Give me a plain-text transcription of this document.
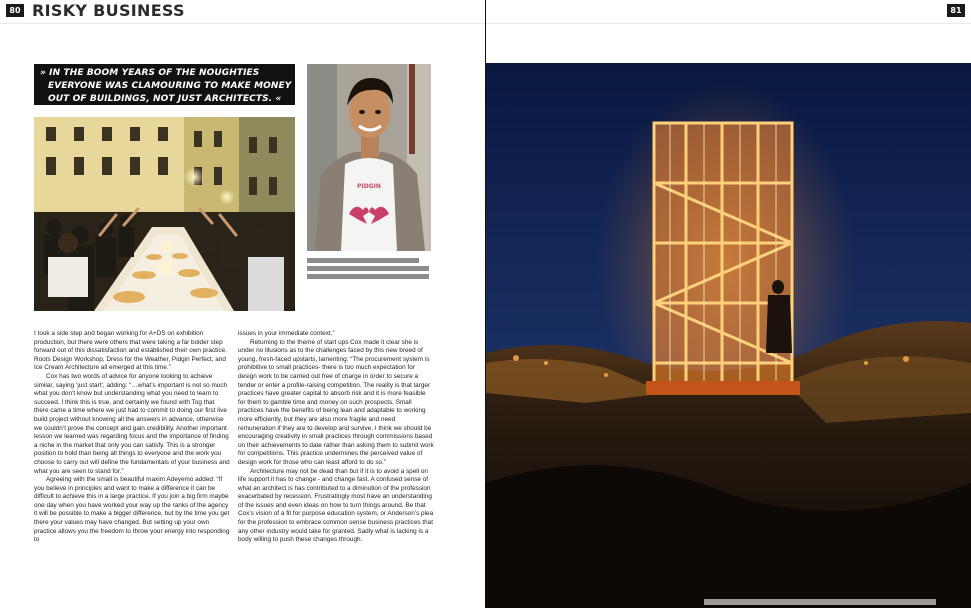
80 RISKY BUSINESS
» IN THE BOOM YEARS OF THE NOUGHTIES
EVERYONE WAS CLAMOURING TO MAKE MONEY
OUT OF BUILDINGS, NOT JUST ARCHITECTS. «
PIDGIN

I took a side step and began working for A+DS on exhibition production, but there were others that were taking a far bolder step forward out of this dissatisfaction and established their own practice. Roots Design Workshop, Dress for the Weather, Pidgin Perfect, and Ice Cream Architecture all emerged at this time.”

Cox has two words of advice for anyone looking to achieve similar, saying ‘just start’, adding: “…what’s important is not so much what you don’t know but understanding what you need to learn to succeed. I think this is true, and certainly we found with Tog that there came a time where we just had to commit to doing our first live build project without knowing all the answers in advance, otherwise we couldn’t prove the concept and gain credibility. Another important lesson we learned was regarding focus and the importance of finding a niche in the market that only you can satisfy. This is a stronger position to hold than being all things to everyone and the work you choose to carry out will define the fundamentals of your business and what you are seen to stand for.”

Agreeing with the small is beautiful maxim Adeyemo added: “If you believe in principles and want to make a difference it can be difficult to achieve this in a large practice. If you join a big firm maybe one day when you have worked your way up the ranks of the agency it will be possible to make a bigger difference, but by the time you get there your values may have changed. But setting up your own practice allows you the freedom to throw your energy into responding to

issues in your immediate context.”

Returning to the theme of start ups Cox made it clear she is under no illusions as to the challenges faced by this new breed of young, fresh-faced upstarts, lamenting: “The procurement system is prohibitive to small practices- there is too much expectation for design work to be carried out free of charge in order to secure a tender or enter a profile-raising competition. The reality is that larger practices have greater capital to absorb risk and it is more feasible for them to gamble time and money on such prospects. Small practices have the benefits of being lean and adaptable to working more efficiently, but they are also more fragile and need remuneration if they are to develop and survive. I think we should be encouraging creativity in small practices through commissions based on their achievements to date rather than asking them to submit work for competitions. This practice undermines the perceived value of design work for those who can least afford to do so.”

Architecture may not be dead than but if it is to avoid a spell on life support it has to change - and change fast. A confused sense of what an architect is has contributed to a diminution of the profession exacerbated by recession. Frustratingly most have an understanding of the issues and even ideas on how to turn things around. Be that Cox’s vision of a fit for purpose education system, or Anderson’s plea for the profession to embrace common sense business practices that any other industry would take for granted. Sadly what is lacking is a body willing to push these changes through.

81
